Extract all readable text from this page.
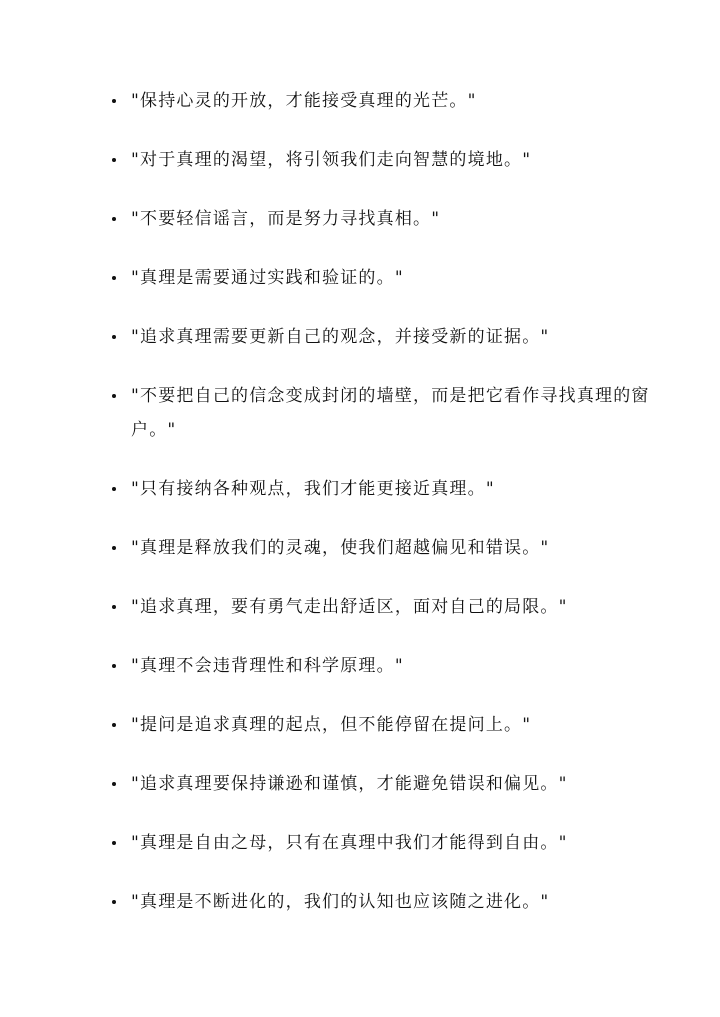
"保持心灵的开放，才能接受真理的光芒。"
"对于真理的渴望，将引领我们走向智慧的境地。"
"不要轻信谣言，而是努力寻找真相。"
"真理是需要通过实践和验证的。"
"追求真理需要更新自己的观念，并接受新的证据。"
"不要把自己的信念变成封闭的墙壁，而是把它看作寻找真理的窗户。"
"只有接纳各种观点，我们才能更接近真理。"
"真理是释放我们的灵魂，使我们超越偏见和错误。"
"追求真理，要有勇气走出舒适区，面对自己的局限。"
"真理不会违背理性和科学原理。"
"提问是追求真理的起点，但不能停留在提问上。"
"追求真理要保持谦逊和谨慎，才能避免错误和偏见。"
"真理是自由之母，只有在真理中我们才能得到自由。"
"真理是不断进化的，我们的认知也应该随之进化。"
